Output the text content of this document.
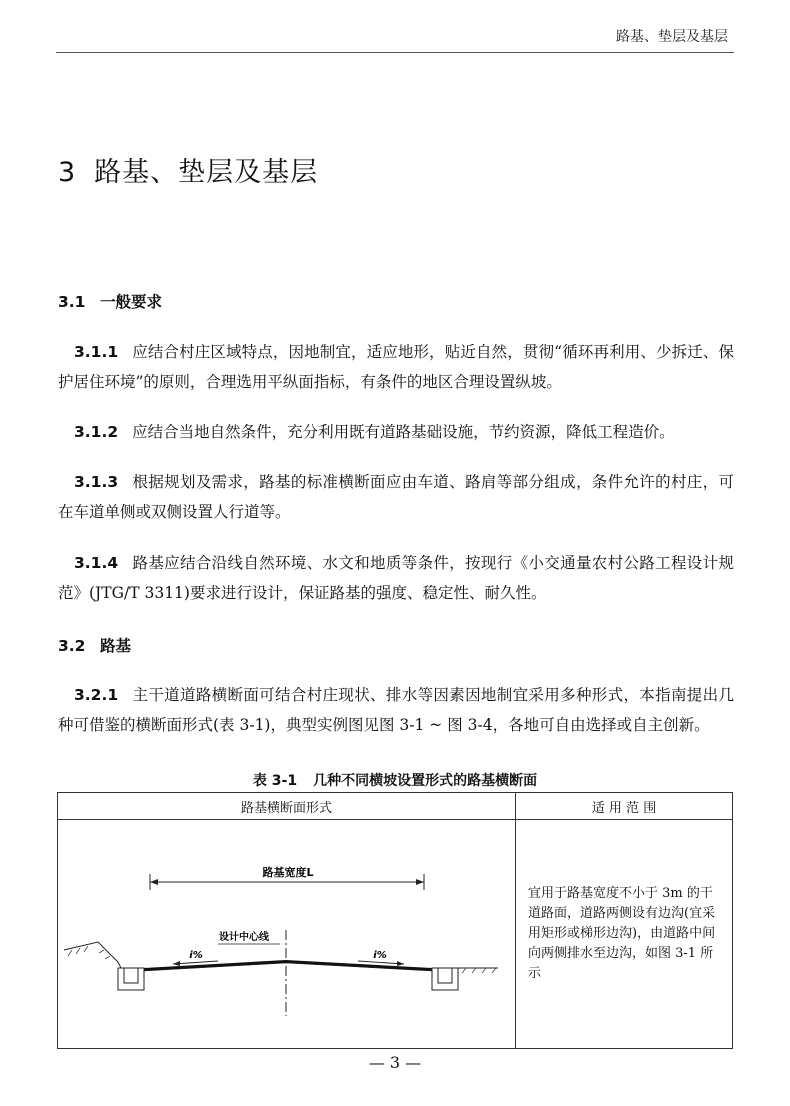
路基、垫层及基层
3 路基、垫层及基层
3.1 一般要求
3.1.1 应结合村庄区域特点，因地制宜，适应地形，贴近自然，贯彻“循环再利用、少拆迁、保护居住环境”的原则，合理选用平纵面指标，有条件的地区合理设置纵坡。
3.1.2 应结合当地自然条件，充分利用既有道路基础设施，节约资源，降低工程造价。
3.1.3 根据规划及需求，路基的标准横断面应由车道、路肩等部分组成，条件允许的村庄，可在车道单侧或双侧设置人行道等。
3.1.4 路基应结合沿线自然环境、水文和地质等条件，按现行《小交通量农村公路工程设计规范》(JTG/T 3311)要求进行设计，保证路基的强度、稳定性、耐久性。
3.2 路基
3.2.1 主干道道路横断面可结合村庄现状、排水等因素因地制宜采用多种形式，本指南提出几种可借鉴的横断面形式(表 3-1)，典型实例图见图 3-1 ~ 图 3-4，各地可自由选择或自主创新。
表 3-1 几种不同横坡设置形式的路基横断面
路基横断面形式	适 用 范 围

路基宽度L
设计中心线
i% i%	宜用于路基宽度不小于 3m 的干道路面，道路两侧设有边沟(宜采用矩形或梯形边沟)，由道路中间向两侧排水至边沟，如图 3-1 所示
— 3 —
